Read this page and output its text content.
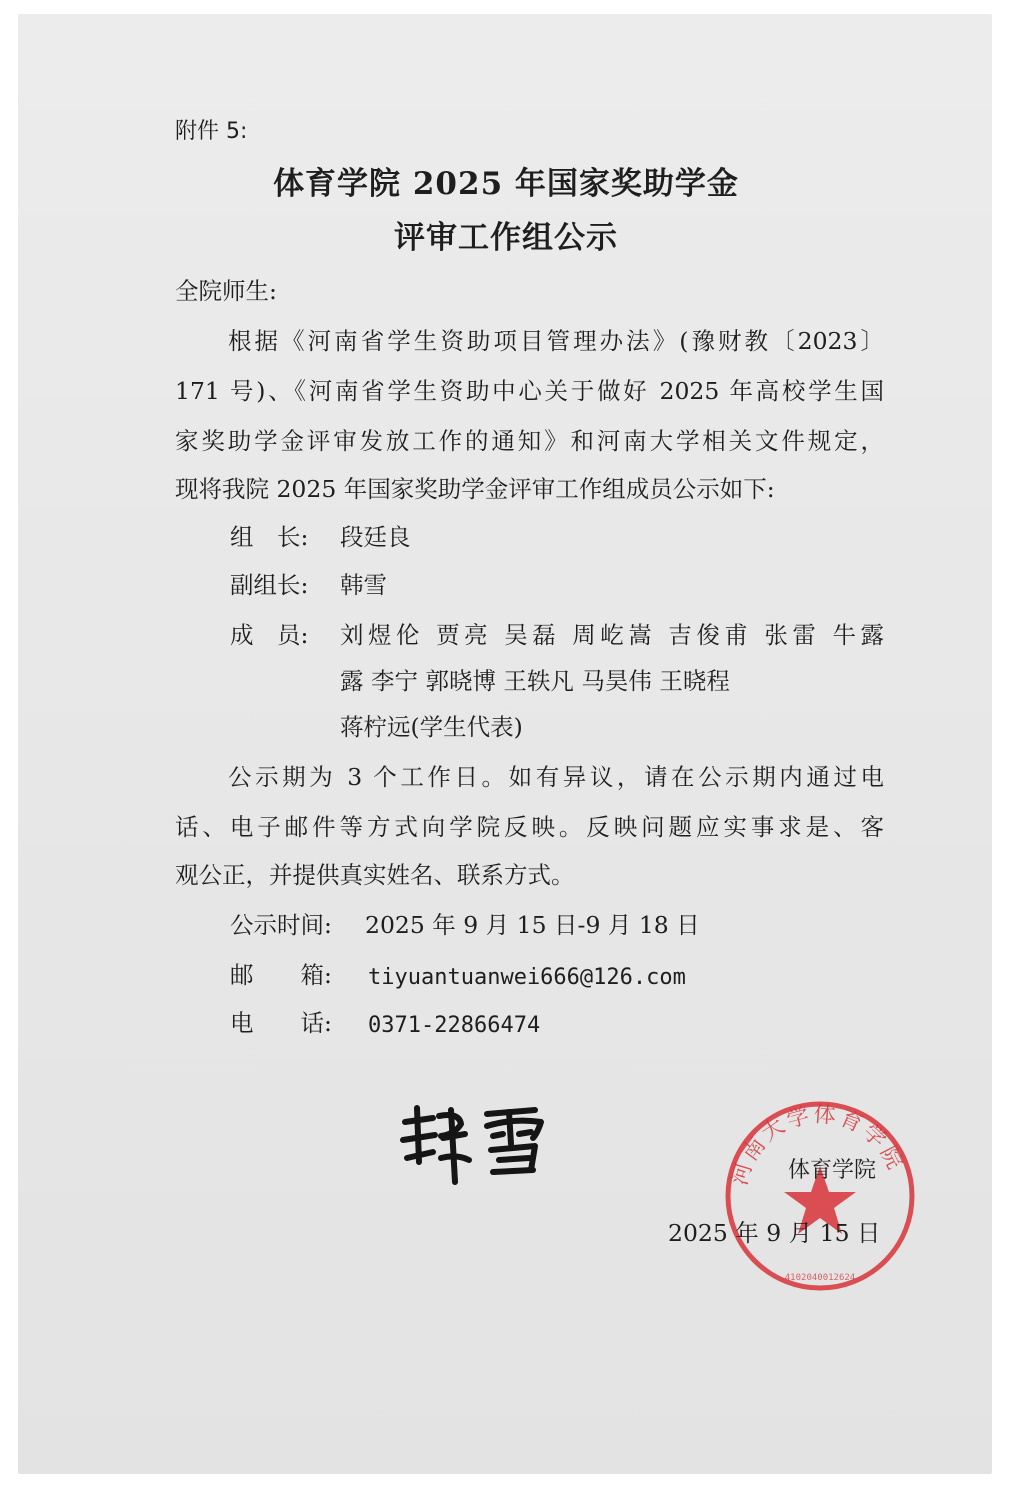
附件 5:
体育学院 2025 年国家奖助学金
评审工作组公示
全院师生:
根据《河南省学生资助项目管理办法》(豫财教〔2023〕
171 号)、《河南省学生资助中心关于做好 2025 年高校学生国
家奖助学金评审发放工作的通知》和河南大学相关文件规定，
现将我院 2025 年国家奖助学金评审工作组成员公示如下:
组　长: 段廷良
副组长: 韩雪
成　员: 刘煜伦 贾亮 吴磊 周屹嵩 吉俊甫 张雷 牛露
露 李宁 郭晓博 王轶凡 马昊伟 王晓程
蒋柠远(学生代表)
公示期为 3 个工作日。如有异议，请在公示期内通过电
话、电子邮件等方式向学院反映。反映问题应实事求是、客
观公正，并提供真实姓名、联系方式。
公示时间: 2025 年 9 月 15 日-9 月 18 日
邮　　箱: tiyuantuanwei666@126.com
电　　话: 0371-22866474
河南大学体育学院
4102040012624
体育学院
2025 年 9 月 15 日
